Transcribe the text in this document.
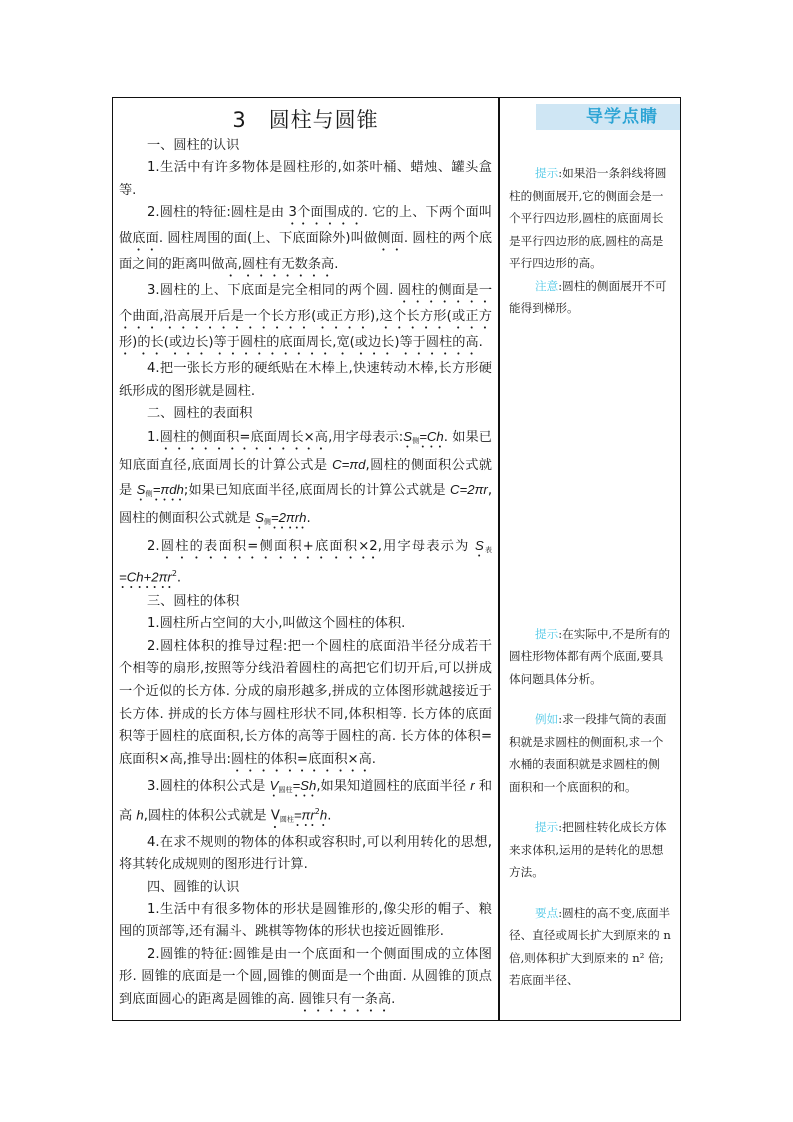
3 圆柱与圆锥
一、圆柱的认识

1.生活中有许多物体是圆柱形的,如茶叶桶、蜡烛、罐头盒等.

2.圆柱的特征:圆柱是由 3个面围成的. 它的上、下两个面叫做底面. 圆柱周围的面(上、下底面除外)叫做侧面. 圆柱的两个底面之间的距离叫做高,圆柱有无数条高.

3.圆柱的上、下底面是完全相同的两个圆. 圆柱的侧面是一个曲面,沿高展开后是一个长方形(或正方形),这个长方形(或正方形)的长(或边长)等于圆柱的底面周长,宽(或边长)等于圆柱的高.

4.把一张长方形的硬纸贴在木棒上,快速转动木棒,长方形硬纸形成的图形就是圆柱.

二、圆柱的表面积

1.圆柱的侧面积=底面周长×高,用字母表示$:S_侧=Ch$. 如果已知底面直径,底面周长的计算公式是 C=πd,圆柱的侧面积公式就是 $S_侧=\pi dh$;如果已知底面半径,底面周长的计算公式就是 C=2πr,圆柱的侧面积公式就是 $S_侧=2\pi rh$.

2.圆柱的表面积=侧面积+底面积×2,用字母表示为 $S_表=Ch+2\pi r^2$.

三、圆柱的体积

1.圆柱所占空间的大小,叫做这个圆柱的体积.

2.圆柱体积的推导过程:把一个圆柱的底面沿半径分成若干个相等的扇形,按照等分线沿着圆柱的高把它们切开后,可以拼成一个近似的长方体. 分成的扇形越多,拼成的立体图形就越接近于长方体. 拼成的长方体与圆柱形状不同,体积相等. 长方体的底面积等于圆柱的底面积,长方体的高等于圆柱的高. 长方体的体积=底面积×高,推导出:圆柱的体积=底面积×高.

3.圆柱的体积公式是 $V_{圆柱}=Sh$,如果知道圆柱的底面半径 r 和高 h,圆柱的体积公式就是 $V_{圆柱}=\pi r^2h$.

4.在求不规则的物体的体积或容积时,可以利用转化的思想,将其转化成规则的图形进行计算.

四、圆锥的认识

1.生活中有很多物体的形状是圆锥形的,像尖形的帽子、粮囤的顶部等,还有漏斗、跳棋等物体的形状也接近圆锥形.

2.圆锥的特征:圆锥是由一个底面和一个侧面围成的立体图形. 圆锥的底面是一个圆,圆锥的侧面是一个曲面. 从圆锥的顶点到底面圆心的距离是圆锥的高. 圆锥只有一条高.

导学点睛

提示:如果沿一条斜线将圆柱的侧面展开,它的侧面会是一个平行四边形,圆柱的底面周长是平行四边形的底,圆柱的高是平行四边形的高。

注意:圆柱的侧面展开不可能得到梯形。

提示:在实际中,不是所有的圆柱形物体都有两个底面,要具体问题具体分析。

例如:求一段排气筒的表面积就是求圆柱的侧面积,求一个水桶的表面积就是求圆柱的侧面积和一个底面积的和。

提示:把圆柱转化成长方体来求体积,运用的是转化的思想方法。

要点:圆柱的高不变,底面半径、直径或周长扩大到原来的 n 倍,则体积扩大到原来的 n² 倍;若底面半径、
